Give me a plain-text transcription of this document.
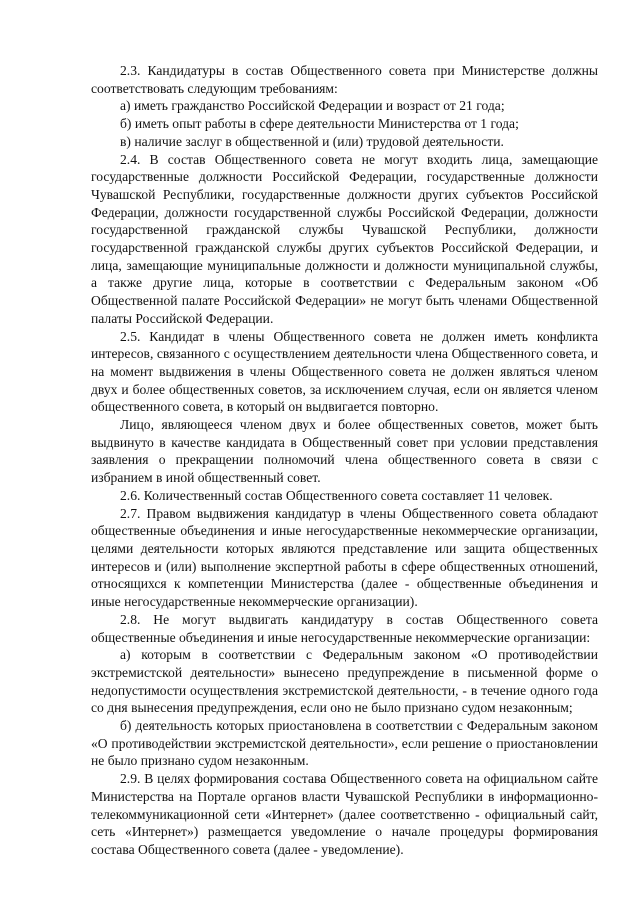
2.3. Кандидатуры в состав Общественного совета при Министерстве должны соответствовать следующим требованиям:

а) иметь гражданство Российской Федерации и возраст от 21 года;

б) иметь опыт работы в сфере деятельности Министерства от 1 года;

в) наличие заслуг в общественной и (или) трудовой деятельности.

2.4. В состав Общественного совета не могут входить лица, замещающие государственные должности Российской Федерации, государственные должности Чувашской Республики, государственные должности других субъектов Российской Федерации, должности государственной службы Российской Федерации, должности государственной гражданской службы Чувашской Республики, должности государственной гражданской службы других субъектов Российской Федерации, и лица, замещающие муниципальные должности и должности муниципальной службы, а также другие лица, которые в соответствии с Федеральным законом «Об Общественной палате Российской Федерации» не могут быть членами Общественной палаты Российской Федерации.

2.5. Кандидат в члены Общественного совета не должен иметь конфликта интересов, связанного с осуществлением деятельности члена Общественного совета, и на момент выдвижения в члены Общественного совета не должен являться членом двух и более общественных советов, за исключением случая, если он является членом общественного совета, в который он выдвигается повторно.

Лицо, являющееся членом двух и более общественных советов, может быть выдвинуто в качестве кандидата в Общественный совет при условии представления заявления о прекращении полномочий члена общественного совета в связи с избранием в иной общественный совет.

2.6. Количественный состав Общественного совета составляет 11 человек.

2.7. Правом выдвижения кандидатур в члены Общественного совета обладают общественные объединения и иные негосударственные некоммерческие организации, целями деятельности которых являются представление или защита общественных интересов и (или) выполнение экспертной работы в сфере общественных отношений, относящихся к компетенции Министерства (далее - общественные объединения и иные негосударственные некоммерческие организации).

2.8. Не могут выдвигать кандидатуру в состав Общественного совета общественные объединения и иные негосударственные некоммерческие организации:

а) которым в соответствии с Федеральным законом «О противодействии экстремистской деятельности» вынесено предупреждение в письменной форме о недопустимости осуществления экстремистской деятельности, - в течение одного года со дня вынесения предупреждения, если оно не было признано судом незаконным;

б) деятельность которых приостановлена в соответствии с Федеральным законом «О противодействии экстремистской деятельности», если решение о приостановлении не было признано судом незаконным.

2.9. В целях формирования состава Общественного совета на официальном сайте Министерства на Портале органов власти Чувашской Республики в информационно-телекоммуникационной сети «Интернет» (далее соответственно - официальный сайт, сеть «Интернет») размещается уведомление о начале процедуры формирования состава Общественного совета (далее - уведомление).
